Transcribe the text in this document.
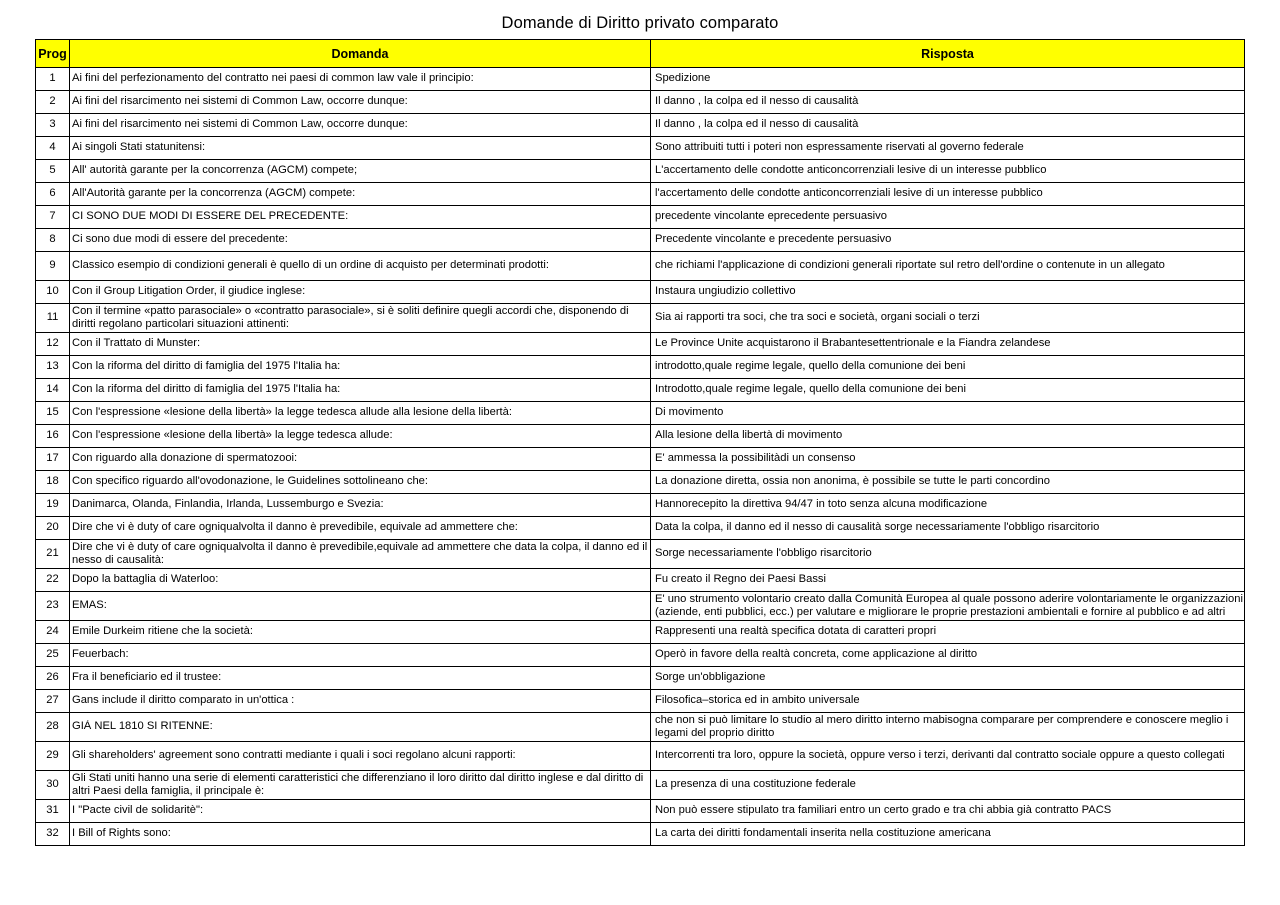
Domande di Diritto privato comparato
Prog	Domanda	Risposta
1	Ai fini del perfezionamento del contratto nei paesi di common law vale il principio:	Spedizione

2	Ai fini del risarcimento nei sistemi di Common Law, occorre dunque:	Il danno , la colpa ed il nesso di causalità

3	Ai fini del risarcimento nei sistemi di Common Law, occorre dunque:	Il danno , la colpa ed il nesso di causalità

4	Ai singoli Stati statunitensi:	Sono attribuiti tutti i poteri non espressamente riservati al governo federale

5	All' autorità garante per la concorrenza (AGCM) compete;	L'accertamento delle condotte anticoncorrenziali lesive di un interesse pubblico

6	All'Autorità garante per la concorrenza (AGCM) compete:	l'accertamento delle condotte anticoncorrenziali lesive di un interesse pubblico

7	CI SONO DUE MODI DI ESSERE DEL PRECEDENTE:	precedente vincolante eprecedente persuasivo

8	Ci sono due modi di essere del precedente:	Precedente vincolante e precedente persuasivo

9	Classico esempio di condizioni generali è quello di un ordine di acquisto per determinati prodotti:	che richiami l'applicazione di condizioni generali riportate sul retro dell'ordine o contenute in un allegato

10	Con il Group Litigation Order, il giudice inglese:	Instaura ungiudizio collettivo

11	Con il termine «patto parasociale» o «contratto parasociale», si è soliti definire quegli accordi che, disponendo di diritti regolano particolari situazioni attinenti:	Sia ai rapporti tra soci, che tra soci e società, organi sociali o terzi

12	Con il Trattato di Munster:	Le Province Unite acquistarono il Brabantesettentrionale e la Fiandra zelandese

13	Con la riforma del diritto di famiglia del 1975 l'Italia ha:	introdotto,quale regime legale, quello della comunione dei beni

14	Con la riforma del diritto di famiglia del 1975 l'Italia ha:	Introdotto,quale regime legale, quello della comunione dei beni

15	Con l'espressione «lesione della libertà» la legge tedesca allude alla lesione della libertà:	Di movimento

16	Con l'espressione «lesione della libertà» la legge tedesca allude:	Alla lesione della libertà di movimento

17	Con riguardo alla donazione di spermatozooi:	E' ammessa la possibilitàdi un consenso

18	Con specifico riguardo all'ovodonazione, le Guidelines sottolineano che:	La donazione diretta, ossia non anonima, è possibile se tutte le parti concordino

19	Danimarca, Olanda, Finlandia, Irlanda, Lussemburgo e Svezia:	Hannorecepito la direttiva 94/47 in toto senza alcuna modificazione

20	Dire che vi è duty of care ogniqualvolta il danno è prevedibile, equivale ad ammettere che:	Data la colpa, il danno ed il nesso di causalità sorge necessariamente l'obbligo risarcitorio

21	Dire che vi è duty of care ogniqualvolta il danno è prevedibile,equivale ad ammettere che data la colpa, il danno ed il nesso di causalità:	Sorge necessariamente l'obbligo risarcitorio

22	Dopo la battaglia di Waterloo:	Fu creato il Regno dei Paesi Bassi

23	EMAS:	E' uno strumento volontario creato dalla Comunità Europea al quale possono aderire volontariamente le organizzazioni (aziende, enti pubblici, ecc.) per valutare e migliorare le proprie prestazioni ambientali e fornire al pubblico e ad altri

24	Emile Durkeim ritiene che la società:	Rappresenti una realtà specifica dotata di caratteri propri

25	Feuerbach:	Operò in favore della realtà concreta, come applicazione al diritto

26	Fra il beneficiario ed il trustee:	Sorge un'obbligazione

27	Gans include il diritto comparato in un'ottica :	Filosofica–storica ed in ambito universale

28	GIÀ NEL 1810 SI RITENNE:	che non si può limitare lo studio al mero diritto interno mabisogna comparare per comprendere e conoscere meglio i legami del proprio diritto

29	Gli shareholders' agreement sono contratti mediante i quali i soci regolano alcuni rapporti:	Intercorrenti tra loro, oppure la società, oppure verso i terzi, derivanti dal contratto sociale oppure a questo collegati

30	Gli Stati uniti hanno una serie di elementi caratteristici che differenziano il loro diritto dal diritto inglese e dal diritto di altri Paesi della famiglia, il principale è:	La presenza di una costituzione federale

31	I "Pacte civil de solidaritè":	Non può essere stipulato tra familiari entro un certo grado e tra chi abbia già contratto PACS

32	I Bill of Rights sono:	La carta dei diritti fondamentali inserita nella costituzione americana
